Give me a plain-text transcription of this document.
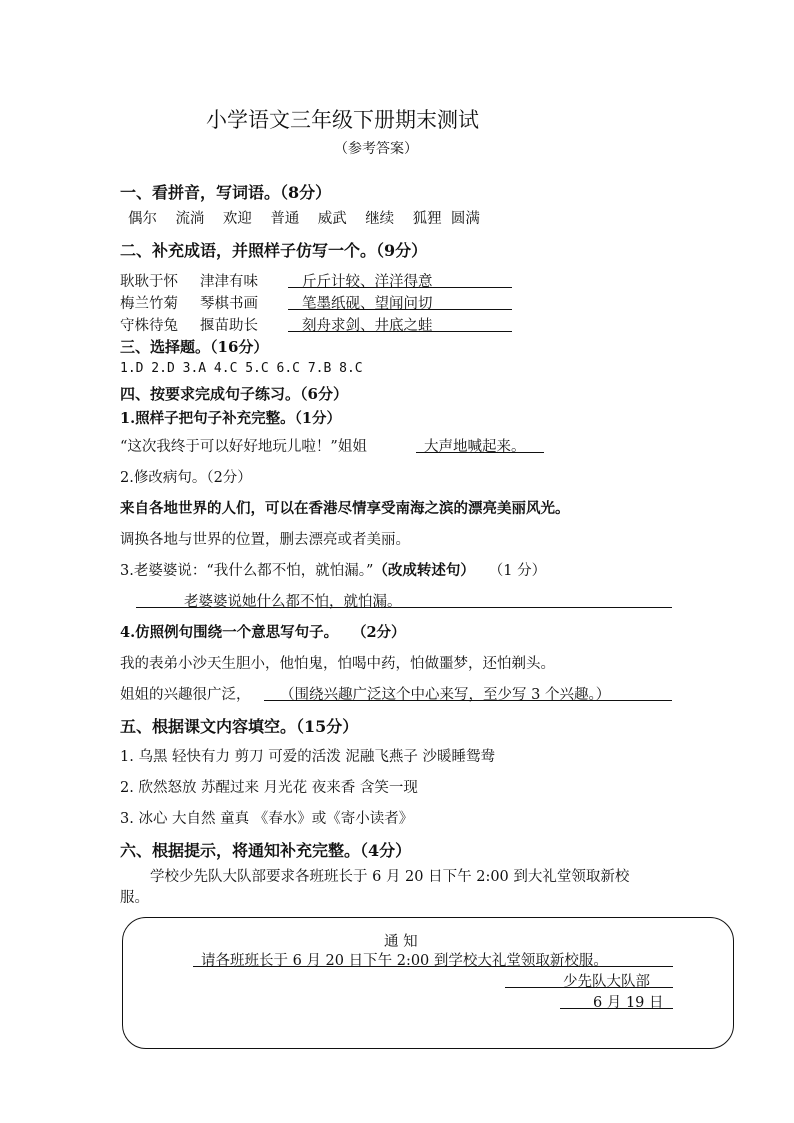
小学语文三年级下册期末测试
（参考答案）
一、看拼音，写词语。（8分）
偶尔 流淌 欢迎 普通 威武 继续 狐狸 圆满
二、补充成语，并照样子仿写一个。（9分）
耿耿于怀 津津有味	斤斤计较、洋洋得意
梅兰竹菊 琴棋书画	笔墨纸砚、望闻问切
守株待兔 揠苗助长	刻舟求剑、井底之蛙
三、选择题。（16分）
1.D 2.D 3.A 4.C 5.C 6.C 7.B 8.C
四、按要求完成句子练习。（6分）
1.照样子把句子补充完整。（1分）
“这次我终于可以好好地玩儿啦！”姐姐	大声地喊起来。
2.修改病句。（2分）
来自各地世界的人们，可以在香港尽情享受南海之滨的漂亮美丽风光。
调换各地与世界的位置，删去漂亮或者美丽。
3.老婆婆说：“我什么都不怕，就怕漏。”（改成转述句） （1 分）
老婆婆说她什么都不怕，就怕漏。
4.仿照例句围绕一个意思写句子。 （2分）
我的表弟小沙天生胆小，他怕鬼，怕喝中药，怕做噩梦，还怕剃头。
姐姐的兴趣很广泛， （围绕兴趣广泛这个中心来写，至少写 3 个兴趣。）
五、根据课文内容填空。（15分）
1. 乌黑 轻快有力 剪刀 可爱的活泼 泥融飞燕子 沙暖睡鸳鸯
2. 欣然怒放 苏醒过来 月光花 夜来香 含笑一现
3. 冰心 大自然 童真 《春水》或《寄小读者》
六、根据提示，将通知补充完整。（4分）
学校少先队大队部要求各班班长于 6 月 20 日下午 2:00 到大礼堂领取新校
服。
通 知
请各班班长于 6 月 20 日下午 2:00 到学校大礼堂领取新校服。
少先队大队部
6 月 19 日
